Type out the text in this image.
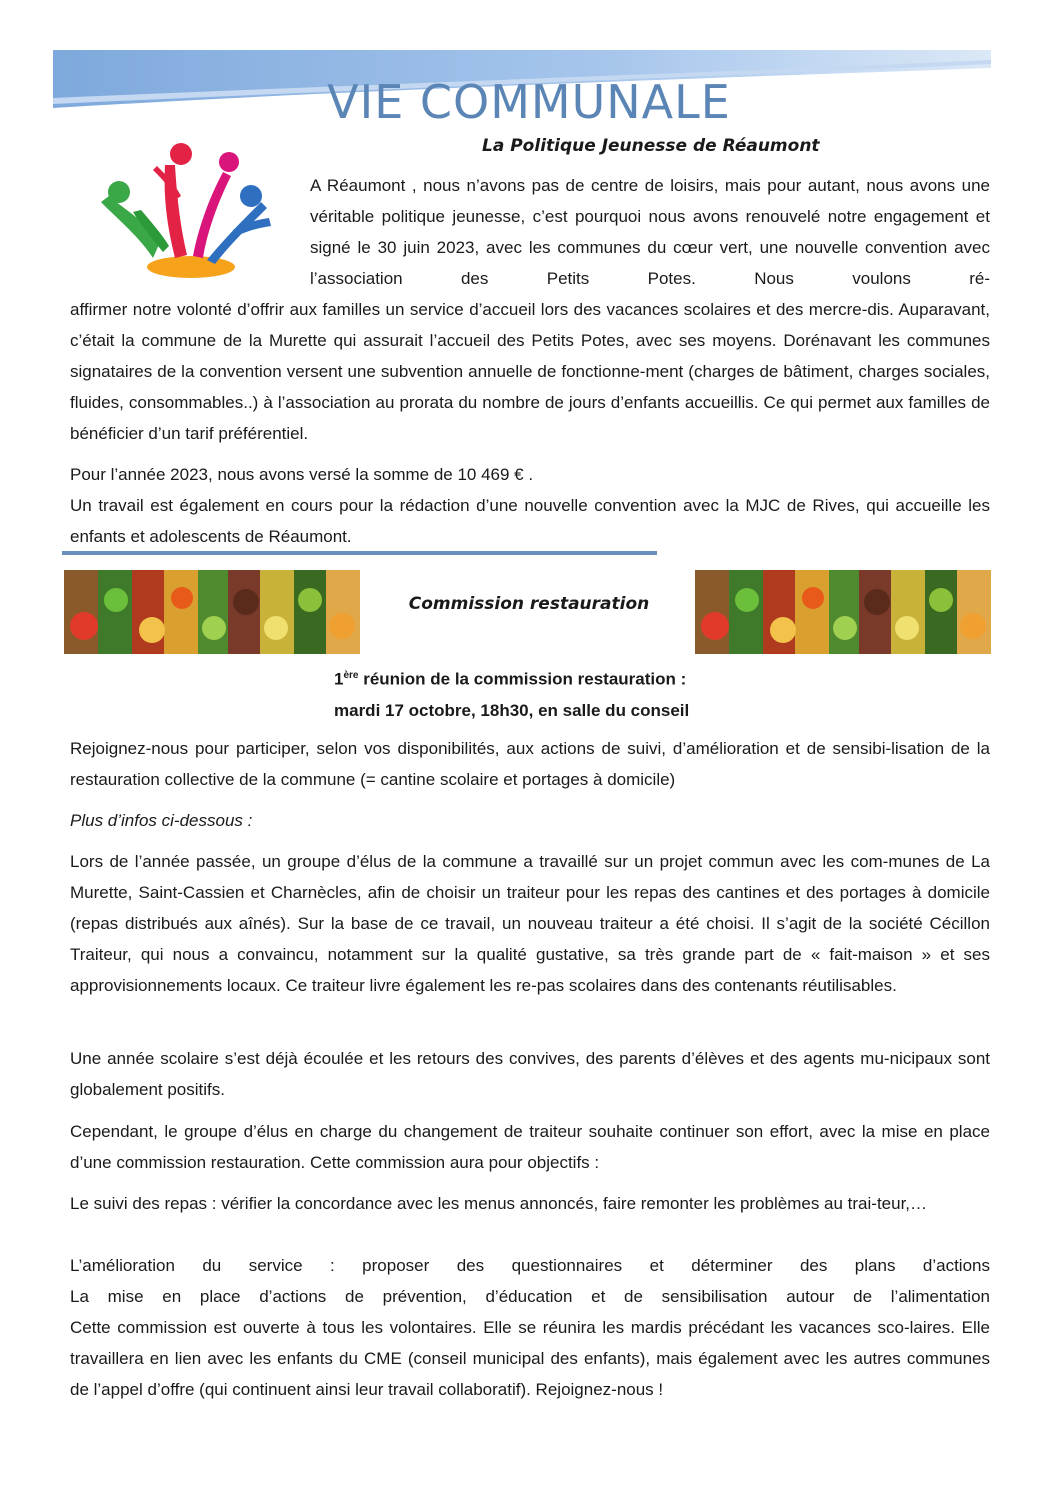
VIE COMMUNALE
La Politique Jeunesse de Réaumont

A Réaumont , nous n’avons pas de centre de loisirs, mais pour autant, nous avons une véritable politique jeunesse, c’est pourquoi nous avons renouvelé notre engagement et signé le 30 juin 2023, avec les communes du cœur vert, une nouvelle convention avec l’association des Petits Potes. Nous voulons ré-

affirmer notre volonté d’offrir aux familles un service d’accueil lors des vacances scolaires et des mercre-dis. Auparavant, c’était la commune de la Murette qui assurait l’accueil des Petits Potes, avec ses moyens. Dorénavant les communes signataires de la convention versent une subvention annuelle de fonctionne-ment (charges de bâtiment, charges sociales, fluides, consommables..) à l’association au prorata du nombre de jours d’enfants accueillis. Ce qui permet aux familles de bénéficier d’un tarif préférentiel.

Pour l’année 2023, nous avons versé la somme de 10 469 € .

Un travail est également en cours pour la rédaction d’une nouvelle convention avec la MJC de Rives, qui accueille les enfants et adolescents de Réaumont.

Commission restauration
1ère réunion de la commission restauration :
mardi 17 octobre, 18h30, en salle du conseil

Rejoignez-nous pour participer, selon vos disponibilités, aux actions de suivi, d’amélioration et de sensibi-lisation de la restauration collective de la commune (= cantine scolaire et portages à domicile)

Plus d’infos ci-dessous :

Lors de l’année passée, un groupe d’élus de la commune a travaillé sur un projet commun avec les com-munes de La Murette, Saint-Cassien et Charnècles, afin de choisir un traiteur pour les repas des cantines et des portages à domicile (repas distribués aux aînés). Sur la base de ce travail, un nouveau traiteur a été choisi. Il s’agit de la société Cécillon Traiteur, qui nous a convaincu, notamment sur la qualité gustative, sa très grande part de « fait-maison » et ses approvisionnements locaux. Ce traiteur livre également les re-pas scolaires dans des contenants réutilisables.

Une année scolaire s’est déjà écoulée et les retours des convives, des parents d’élèves et des agents mu-nicipaux sont globalement positifs.

Cependant, le groupe d’élus en charge du changement de traiteur souhaite continuer son effort, avec la mise en place d’une commission restauration. Cette commission aura pour objectifs :

Le suivi des repas : vérifier la concordance avec les menus annoncés, faire remonter les problèmes au trai-teur,…

L’amélioration du service : proposer des questionnaires et déterminer des plans d’actions

La mise en place d’actions de prévention, d’éducation et de sensibilisation autour de l’alimentation

Cette commission est ouverte à tous les volontaires. Elle se réunira les mardis précédant les vacances sco-laires. Elle travaillera en lien avec les enfants du CME (conseil municipal des enfants), mais également avec les autres communes de l’appel d’offre (qui continuent ainsi leur travail collaboratif). Rejoignez-nous !
